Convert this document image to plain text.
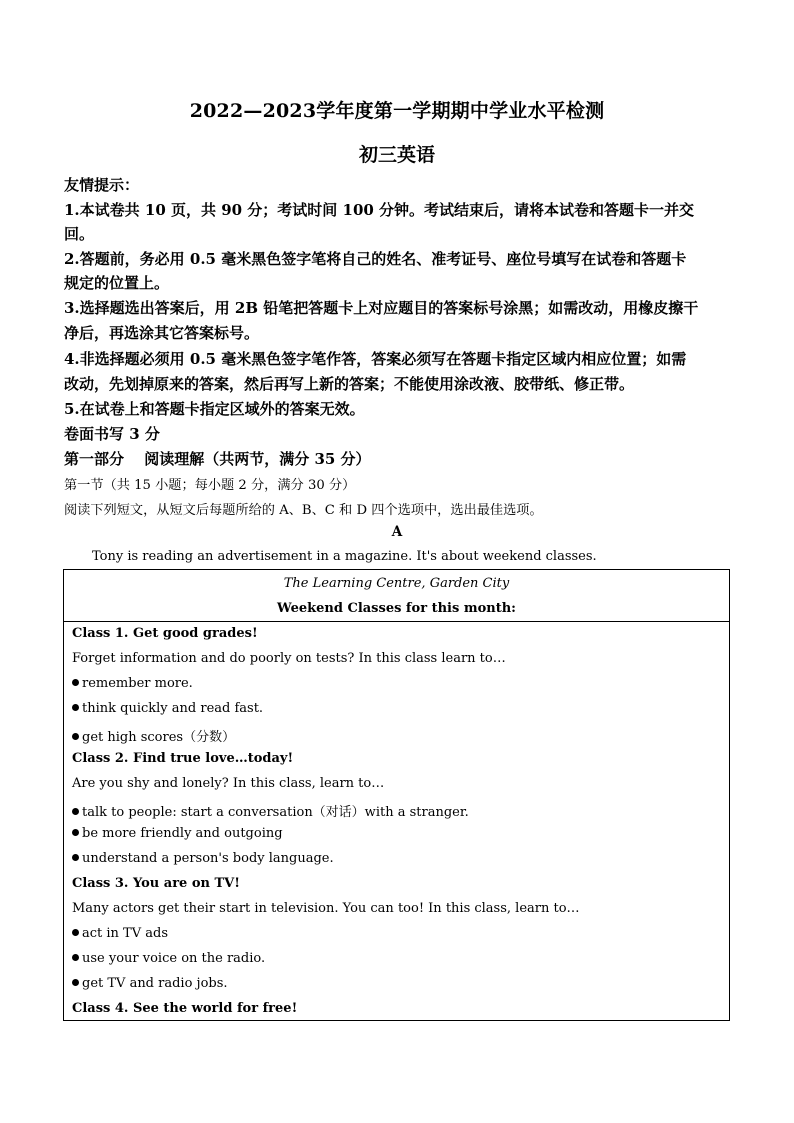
2022—2023学年度第一学期期中学业水平检测
初三英语
友情提示：
1.本试卷共 10 页，共 90 分；考试时间 100 分钟。考试结束后，请将本试卷和答题卡一并交
回。
2.答题前，务必用 0.5 毫米黑色签字笔将自己的姓名、准考证号、座位号填写在试卷和答题卡
规定的位置上。
3.选择题选出答案后，用 2B 铅笔把答题卡上对应题目的答案标号涂黑；如需改动，用橡皮擦干
净后，再选涂其它答案标号。
4.非选择题必须用 0.5 毫米黑色签字笔作答，答案必须写在答题卡指定区域内相应位置；如需
改动，先划掉原来的答案，然后再写上新的答案；不能使用涂改液、胶带纸、修正带。
5.在试卷上和答题卡指定区域外的答案无效。
卷面书写 3 分
第一部分　 阅读理解（共两节，满分 35 分）
第一节（共 15 小题；每小题 2 分，满分 30 分）
阅读下列短文，从短文后每题所给的 A、B、C 和 D 四个选项中，选出最佳选项。
A
Tony is reading an advertisement in a magazine. It's about weekend classes.
The Learning Centre, Garden City
Weekend Classes for this month:
Class 1. Get good grades!
Forget information and do poorly on tests? In this class learn to…
remember more.
think quickly and read fast.
get high scores（分数）
Class 2. Find true love…today!
Are you shy and lonely? In this class, learn to…
talk to people: start a conversation（对话）with a stranger.
be more friendly and outgoing
understand a person's body language.
Class 3. You are on TV!
Many actors get their start in television. You can too! In this class, learn to…
act in TV ads
use your voice on the radio.
get TV and radio jobs.
Class 4. See the world for free!
